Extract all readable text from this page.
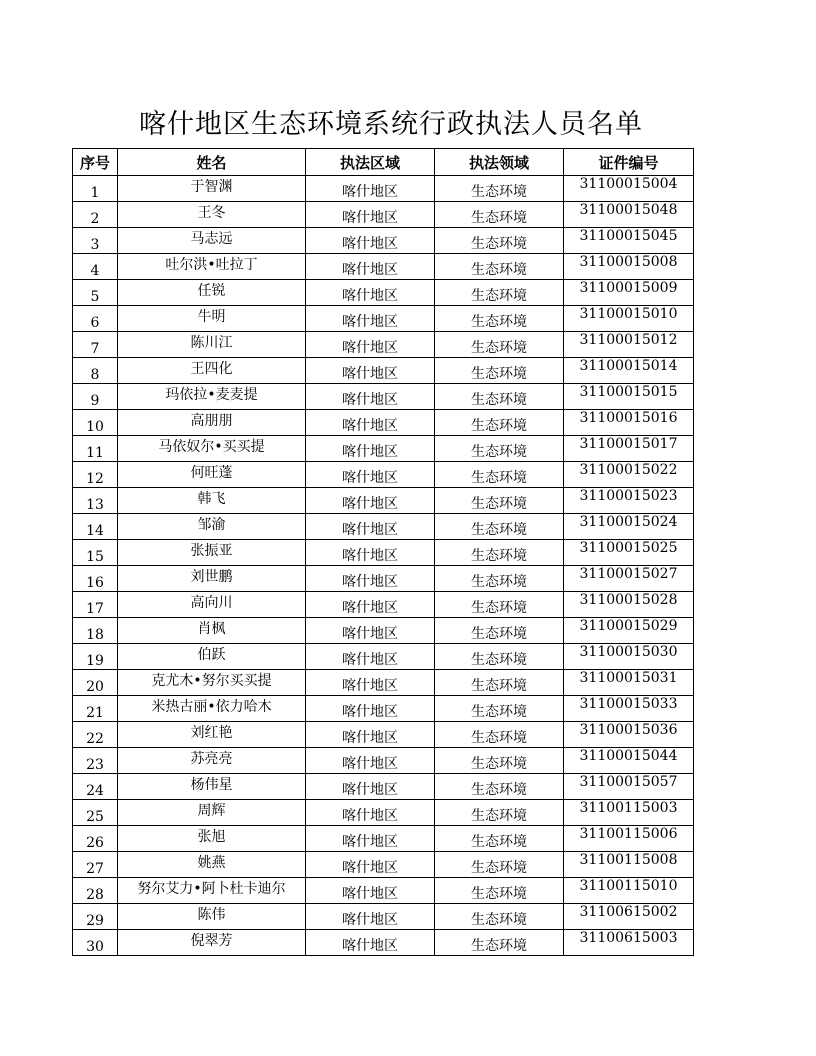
喀什地区生态环境系统行政执法人员名单
序号	姓名	执法区域	执法领域	证件编号
1	于智渊	喀什地区	生态环境	31100015004
2	王冬	喀什地区	生态环境	31100015048
3	马志远	喀什地区	生态环境	31100015045
4	吐尔洪•吐拉丁	喀什地区	生态环境	31100015008
5	任锐	喀什地区	生态环境	31100015009
6	牛明	喀什地区	生态环境	31100015010
7	陈川江	喀什地区	生态环境	31100015012
8	王四化	喀什地区	生态环境	31100015014
9	玛依拉•麦麦提	喀什地区	生态环境	31100015015
10	高朋朋	喀什地区	生态环境	31100015016
11	马依奴尔•买买提	喀什地区	生态环境	31100015017
12	何旺蓬	喀什地区	生态环境	31100015022
13	韩飞	喀什地区	生态环境	31100015023
14	邹渝	喀什地区	生态环境	31100015024
15	张振亚	喀什地区	生态环境	31100015025
16	刘世鹏	喀什地区	生态环境	31100015027
17	高向川	喀什地区	生态环境	31100015028
18	肖枫	喀什地区	生态环境	31100015029
19	伯跃	喀什地区	生态环境	31100015030
20	克尤木•努尔买买提	喀什地区	生态环境	31100015031
21	米热古丽•依力哈木	喀什地区	生态环境	31100015033
22	刘红艳	喀什地区	生态环境	31100015036
23	苏亮亮	喀什地区	生态环境	31100015044
24	杨伟星	喀什地区	生态环境	31100015057
25	周辉	喀什地区	生态环境	31100115003
26	张旭	喀什地区	生态环境	31100115006
27	姚燕	喀什地区	生态环境	31100115008
28	努尔艾力•阿卜杜卡迪尔	喀什地区	生态环境	31100115010
29	陈伟	喀什地区	生态环境	31100615002
30	倪翠芳	喀什地区	生态环境	31100615003
